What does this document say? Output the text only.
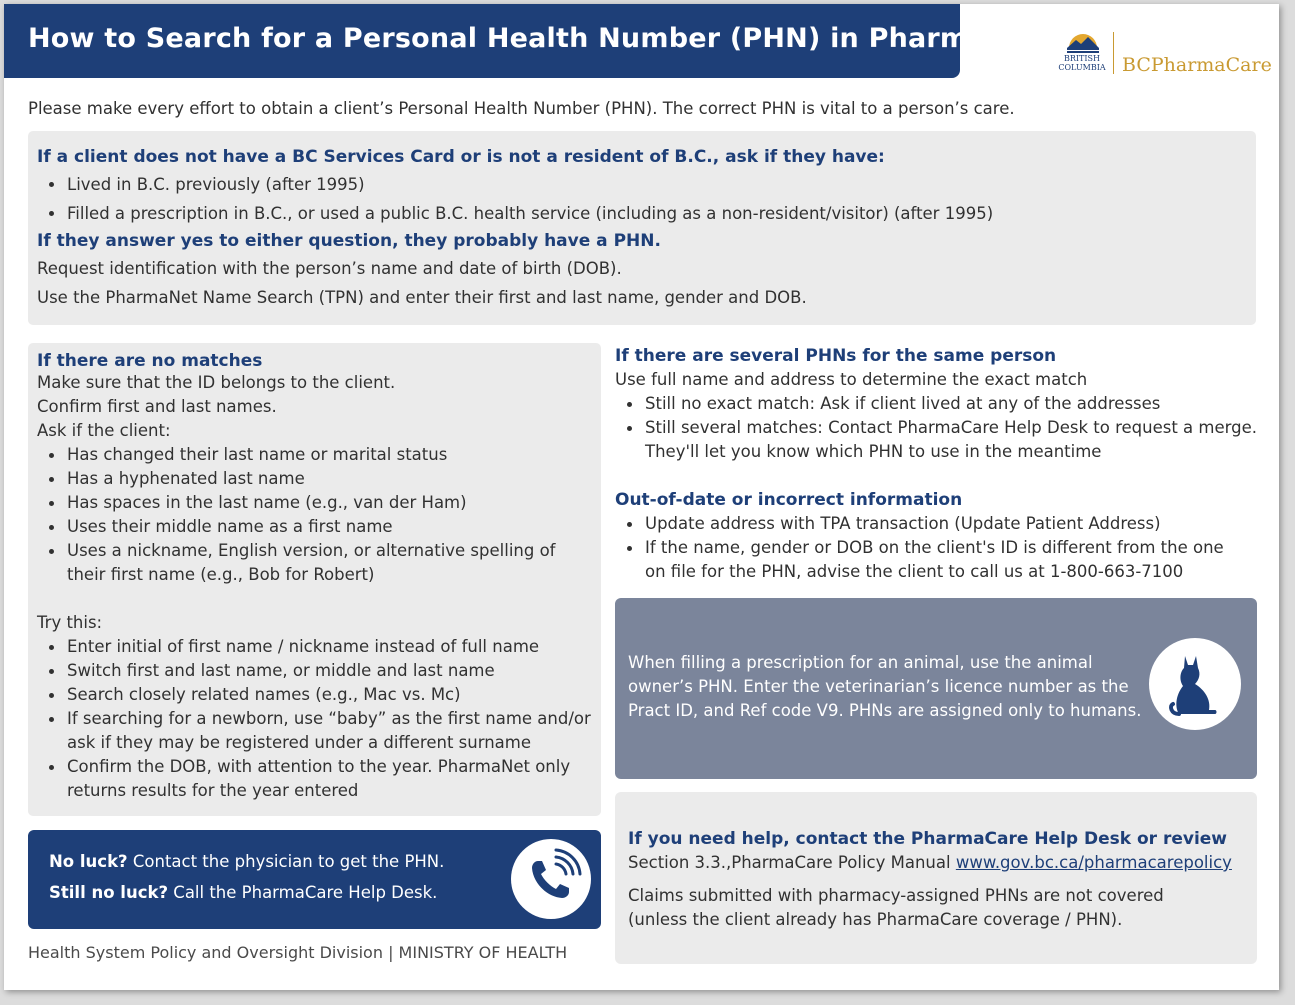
How to Search for a Personal Health Number (PHN) in PharmaNet
BRITISH
COLUMBIA BCPharmaCare
Please make every effort to obtain a client’s Personal Health Number (PHN). The correct PHN is vital to a person’s care.
If a client does not have a BC Services Card or is not a resident of B.C., ask if they have:
Lived in B.C. previously (after 1995)
Filled a prescription in B.C., or used a public B.C. health service (including as a non-resident/visitor) (after 1995)
If they answer yes to either question, they probably have a PHN.
Request identification with the person’s name and date of birth (DOB).
Use the PharmaNet Name Search (TPN) and enter their first and last name, gender and DOB.
If there are no matches
Make sure that the ID belongs to the client.
Confirm first and last names.
Ask if the client:
Has changed their last name or marital status
Has a hyphenated last name
Has spaces in the last name (e.g., van der Ham)
Uses their middle name as a first name
Uses a nickname, English version, or alternative spelling of
their first name (e.g., Bob for Robert)
Try this:
Enter initial of first name / nickname instead of full name
Switch first and last name, or middle and last name
Search closely related names (e.g., Mac vs. Mc)
If searching for a newborn, use “baby” as the first name and/or
ask if they may be registered under a different surname
Confirm the DOB, with attention to the year. PharmaNet only
returns results for the year entered
If there are several PHNs for the same person
Use full name and address to determine the exact match
Still no exact match: Ask if client lived at any of the addresses
Still several matches: Contact PharmaCare Help Desk to request a merge.
They'll let you know which PHN to use in the meantime
Out-of-date or incorrect information
Update address with TPA transaction (Update Patient Address)
If the name, gender or DOB on the client's ID is different from the one
on file for the PHN, advise the client to call us at 1-800-663-7100
When filling a prescription for an animal, use the animal
owner’s PHN. Enter the veterinarian’s licence number as the
Pract ID, and Ref code V9. PHNs are assigned only to humans.
If you need help, contact the PharmaCare Help Desk or review
Section 3.3.,PharmaCare Policy Manual www.gov.bc.ca/pharmacarepolicy
Claims submitted with pharmacy-assigned PHNs are not covered
(unless the client already has PharmaCare coverage / PHN).
No luck? Contact the physician to get the PHN.
Still no luck? Call the PharmaCare Help Desk.
Health System Policy and Oversight Division | MINISTRY OF HEALTH
